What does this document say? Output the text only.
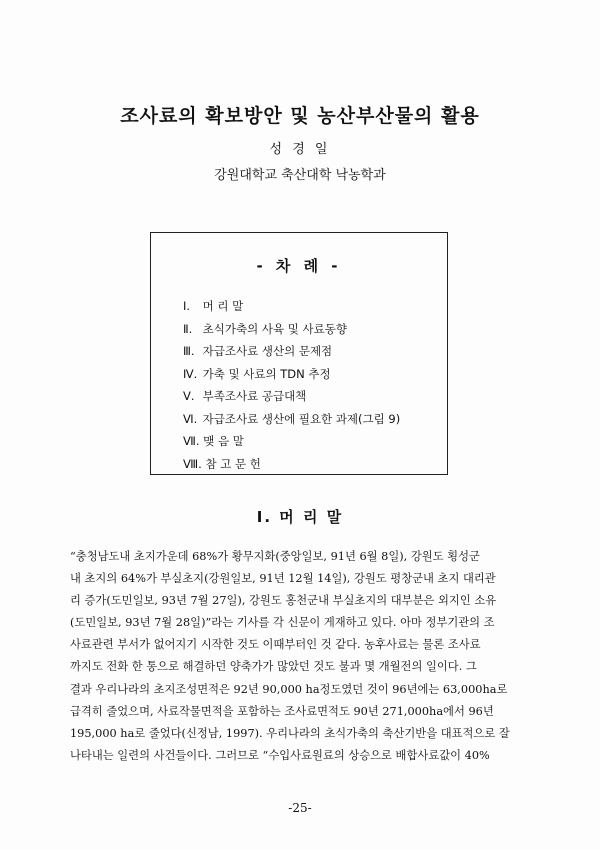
조사료의 확보방안 및 농산부산물의 활용
성 경 일
강원대학교 축산대학 낙농학과
- 차 례 -
Ⅰ. 머 리 말
Ⅱ. 초식가축의 사육 및 사료동향
Ⅲ. 자급조사료 생산의 문제점
Ⅳ. 가축 및 사료의 TDN 추정
Ⅴ. 부족조사료 공급대책
Ⅵ. 자급조사료 생산에 필요한 과제(그림 9)
Ⅶ. 맺 음 말
Ⅷ. 참 고 문 헌
Ⅰ. 머 리 말
“충청남도내 초지가운데 68%가 황무지화(중앙일보, 91년 6월 8일), 강원도 횡성군
내 초지의 64%가 부실초지(강원일보, 91년 12월 14일), 강원도 평창군내 초지 대리관
리 증가(도민일보, 93년 7월 27일), 강원도 홍천군내 부실초지의 대부분은 외지인 소유
(도민일보, 93년 7월 28일)”라는 기사를 각 신문이 게재하고 있다. 아마 정부기관의 조
사료관련 부서가 없어지기 시작한 것도 이때부터인 것 같다. 농후사료는 물론 조사료
까지도 전화 한 통으로 해결하던 양축가가 많았던 것도 불과 몇 개월전의 일이다. 그
결과 우리나라의 초지조성면적은 92년 90,000 ha정도였던 것이 96년에는 63,000ha로
급격히 줄었으며, 사료작물면적을 포함하는 조사료면적도 90년 271,000ha에서 96년
195,000 ha로 줄었다(신정남, 1997). 우리나라의 초식가축의 축산기반을 대표적으로 잘
나타내는 일련의 사건들이다. 그러므로 “수입사료원료의 상승으로 배합사료값이 40%
-25-
